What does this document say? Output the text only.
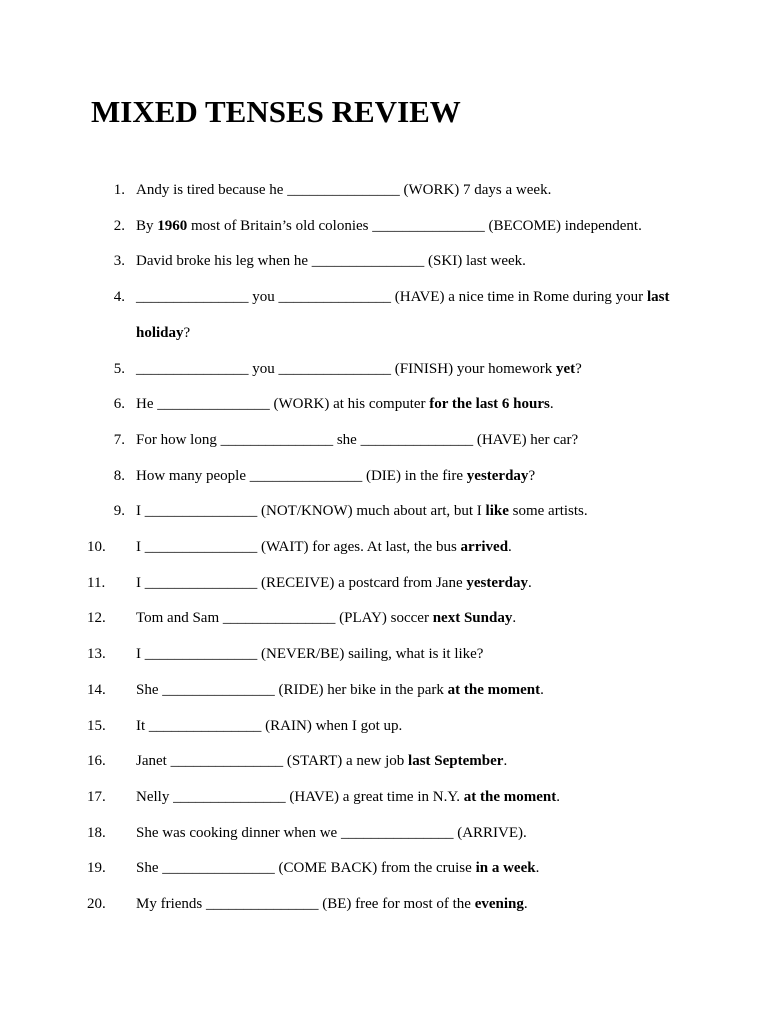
MIXED TENSES REVIEW
1. Andy is tired because he _______________ (WORK) 7 days a week.
2. By 1960 most of Britain’s old colonies _______________ (BECOME) independent.
3. David broke his leg when he _______________ (SKI) last week.
4. _______________ you _______________ (HAVE) a nice time in Rome during your last holiday?
5. _______________ you _______________ (FINISH) your homework yet?
6. He _______________ (WORK) at his computer for the last 6 hours.
7. For how long _______________ she _______________ (HAVE) her car?
8. How many people _______________ (DIE) in the fire yesterday?
9. I _______________ (NOT/KNOW) much about art, but I like some artists.
10. I _______________ (WAIT) for ages. At last, the bus arrived.
11. I _______________ (RECEIVE) a postcard from Jane yesterday.
12. Tom and Sam _______________ (PLAY) soccer next Sunday.
13. I _______________ (NEVER/BE) sailing, what is it like?
14. She _______________ (RIDE) her bike in the park at the moment.
15. It _______________ (RAIN) when I got up.
16. Janet _______________ (START) a new job last September.
17. Nelly _______________ (HAVE) a great time in N.Y. at the moment.
18. She was cooking dinner when we _______________ (ARRIVE).
19. She _______________ (COME BACK) from the cruise in a week.
20. My friends _______________ (BE) free for most of the evening.
